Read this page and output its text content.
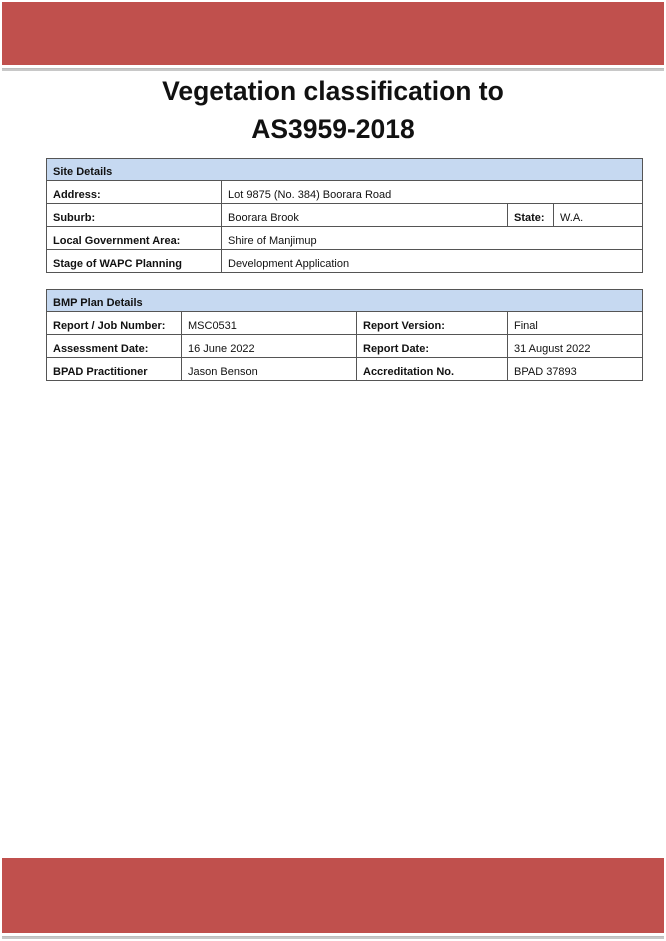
Vegetation classification to
AS3959-2018
Site Details			
Address:	Lot 9875 (No. 384) Boorara Road		
Suburb:	Boorara Brook	State:	W.A.
Local Government Area:	Shire of Manjimup		
Stage of WAPC Planning	Development Application		
BMP Plan Details			
Report / Job Number:	MSC0531	Report Version:	Final
Assessment Date:	16 June 2022	Report Date:	31 August 2022
BPAD Practitioner	Jason Benson	Accreditation No.	BPAD 37893
